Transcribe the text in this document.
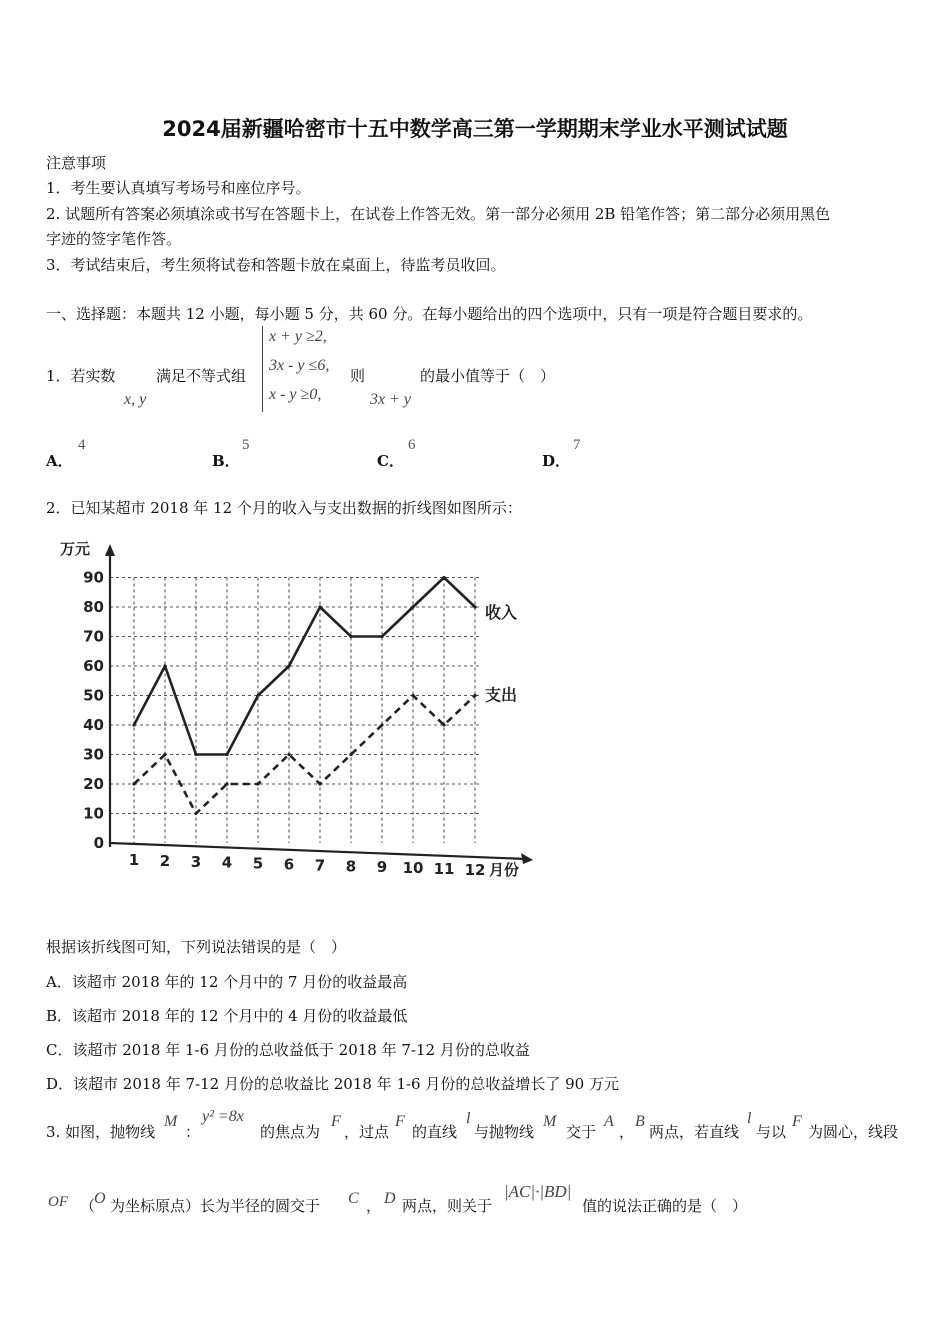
2024届新疆哈密市十五中数学高三第一学期期末学业水平测试试题
注意事项
1．考生要认真填写考场号和座位序号。
2. 试题所有答案必须填涂或书写在答题卡上，在试卷上作答无效。第一部分必须用 2B 铅笔作答；第二部分必须用黑色
字迹的签字笔作答。
3．考试结束后，考生须将试卷和答题卡放在桌面上，待监考员收回。
一、选择题：本题共 12 小题，每小题 5 分，共 60 分。在每小题给出的四个选项中，只有一项是符合题目要求的。
1．若实数	满足不等式组
x, y
x + y ≥2,
3x - y ≤6,
x - y ≥0,
则
3x + y
的最小值等于（　）
A．
4
B．
5
C．
6
D．
7
2．已知某超市 2018 年 12 个月的收入与支出数据的折线图如图所示：
0
10
20
30
40
50
60
70
80
90
1 2 3 4 5 6 7 8 9 10 11 12
万元
月份
收入
支出
根据该折线图可知，下列说法错误的是（　）
A．该超市 2018 年的 12 个月中的 7 月份的收益最高
B．该超市 2018 年的 12 个月中的 4 月份的收益最低
C．该超市 2018 年 1-6 月份的总收益低于 2018 年 7-12 月份的总收益
D．该超市 2018 年 7-12 月份的总收益比 2018 年 1-6 月份的总收益增长了 90 万元
3. 如图，抛物线
M
：
y² =8x
的焦点为
F
，过点
F
的直线
l
与抛物线
M
交于
A
，
B
两点，若直线
l
与以
F
为圆心，线段
OF （
O 为坐标原点）长为半径的圆交于 C ， D 两点，则关于
|AC|·|BD|
值的说法正确的是（　）
